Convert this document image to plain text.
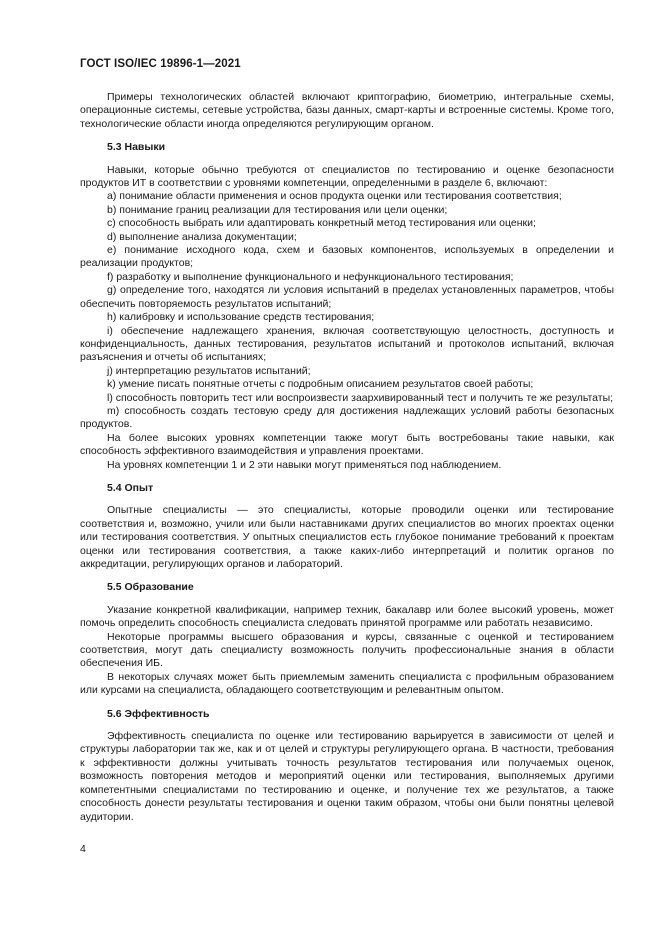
ГОСТ ISO/IEC 19896-1—2021

Примеры технологических областей включают криптографию, биометрию, интегральные схемы, операционные системы, сетевые устройства, базы данных, смарт-карты и встроенные системы. Кроме того, технологические области иногда определяются регулирующим органом.

5.3 Навыки

Навыки, которые обычно требуются от специалистов по тестированию и оценке безопасности продуктов ИТ в соответствии с уровнями компетенции, определенными в разделе 6, включают:

a) понимание области применения и основ продукта оценки или тестирования соответствия;

b) понимание границ реализации для тестирования или цели оценки;

c) способность выбрать или адаптировать конкретный метод тестирования или оценки;

d) выполнение анализа документации;

e) понимание исходного кода, схем и базовых компонентов, используемых в определении и реализации продуктов;

f) разработку и выполнение функционального и нефункционального тестирования;

g) определение того, находятся ли условия испытаний в пределах установленных параметров, чтобы обеспечить повторяемость результатов испытаний;

h) калибровку и использование средств тестирования;

i) обеспечение надлежащего хранения, включая соответствующую целостность, доступность и конфиденциальность, данных тестирования, результатов испытаний и протоколов испытаний, включая разъяснения и отчеты об испытаниях;

j) интерпретацию результатов испытаний;

k) умение писать понятные отчеты с подробным описанием результатов своей работы;

l) способность повторить тест или воспроизвести заархивированный тест и получить те же результаты;

m) способность создать тестовую среду для достижения надлежащих условий работы безопасных продуктов.

На более высоких уровнях компетенции также могут быть востребованы такие навыки, как способность эффективного взаимодействия и управления проектами.

На уровнях компетенции 1 и 2 эти навыки могут применяться под наблюдением.

5.4 Опыт

Опытные специалисты — это специалисты, которые проводили оценки или тестирование соответствия и, возможно, учили или были наставниками других специалистов во многих проектах оценки или тестирования соответствия. У опытных специалистов есть глубокое понимание требований к проектам оценки или тестирования соответствия, а также каких-либо интерпретаций и политик органов по аккредитации, регулирующих органов и лабораторий.

5.5 Образование

Указание конкретной квалификации, например техник, бакалавр или более высокий уровень, может помочь определить способность специалиста следовать принятой программе или работать независимо.

Некоторые программы высшего образования и курсы, связанные с оценкой и тестированием соответствия, могут дать специалисту возможность получить профессиональные знания в области обеспечения ИБ.

В некоторых случаях может быть приемлемым заменить специалиста с профильным образованием или курсами на специалиста, обладающего соответствующим и релевантным опытом.

5.6 Эффективность

Эффективность специалиста по оценке или тестированию варьируется в зависимости от целей и структуры лаборатории так же, как и от целей и структуры регулирующего органа. В частности, требования к эффективности должны учитывать точность результатов тестирования или получаемых оценок, возможность повторения методов и мероприятий оценки или тестирования, выполняемых другими компетентными специалистами по тестированию и оценке, и получение тех же результатов, а также способность донести результаты тестирования и оценки таким образом, чтобы они были понятны целевой аудитории.

4
